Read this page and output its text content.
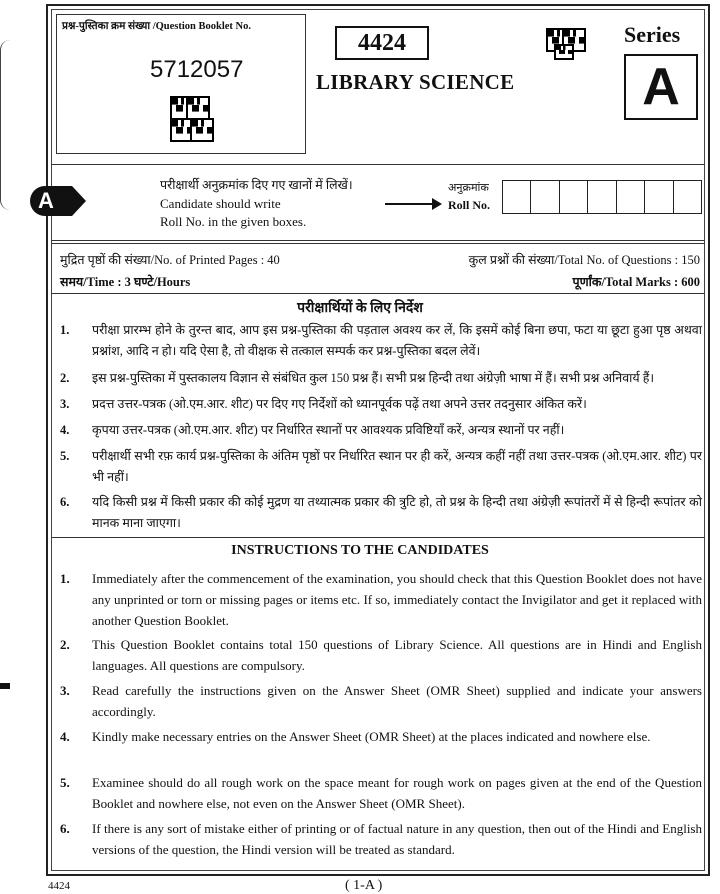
प्रश्न-पुस्तिका क्रम संख्या /Question Booklet No.
5712057
4424
LIBRARY SCIENCE
Series
A
A
परीक्षार्थी अनुक्रमांक दिए गए खानों में लिखें।
Candidate should write
Roll No. in the given boxes.
अनुक्रमांक
Roll No.
मुद्रित पृष्ठों की संख्या/No. of Printed Pages : 40	कुल प्रश्नों की संख्या/Total No. of Questions : 150
समय/Time : 3 घण्टे/Hours	पूर्णांक/Total Marks : 600
परीक्षार्थियों के लिए निर्देश
1.	परीक्षा प्रारम्भ होने के तुरन्त बाद, आप इस प्रश्न-पुस्तिका की पड़ताल अवश्य कर लें, कि इसमें कोई बिना छपा, फटा या छूटा हुआ पृष्ठ अथवा प्रश्नांश, आदि न हो। यदि ऐसा है, तो वीक्षक से तत्काल सम्पर्क कर प्रश्न-पुस्तिका बदल लेवें।
2.	इस प्रश्न-पुस्तिका में पुस्तकालय विज्ञान से संबंधित कुल 150 प्रश्न हैं। सभी प्रश्न हिन्दी तथा अंग्रेज़ी भाषा में हैं। सभी प्रश्न अनिवार्य हैं।
3.	प्रदत्त उत्तर-पत्रक (ओ.एम.आर. शीट) पर दिए गए निर्देशों को ध्यानपूर्वक पढ़ें तथा अपने उत्तर तदनुसार अंकित करें।
4.	कृपया उत्तर-पत्रक (ओ.एम.आर. शीट) पर निर्धारित स्थानों पर आवश्यक प्रविष्टियाँ करें, अन्यत्र स्थानों पर नहीं।
5.	परीक्षार्थी सभी रफ़ कार्य प्रश्न-पुस्तिका के अंतिम पृष्ठों पर निर्धारित स्थान पर ही करें, अन्यत्र कहीं नहीं तथा उत्तर-पत्रक (ओ.एम.आर. शीट) पर भी नहीं।
6.	यदि किसी प्रश्न में किसी प्रकार की कोई मुद्रण या तथ्यात्मक प्रकार की त्रुटि हो, तो प्रश्न के हिन्दी तथा अंग्रेज़ी रूपांतरों में से हिन्दी रूपांतर को मानक माना जाएगा।
INSTRUCTIONS TO THE CANDIDATES
1.	Immediately after the commencement of the examination, you should check that this Question Booklet does not have any unprinted or torn or missing pages or items etc. If so, immediately contact the Invigilator and get it replaced with another Question Booklet.
2.	This Question Booklet contains total 150 questions of Library Science. All questions are in Hindi and English languages. All questions are compulsory.
3.	Read carefully the instructions given on the Answer Sheet (OMR Sheet) supplied and indicate your answers accordingly.
4.	Kindly make necessary entries on the Answer Sheet (OMR Sheet) at the places indicated and nowhere else.
5.	Examinee should do all rough work on the space meant for rough work on pages given at the end of the Question Booklet and nowhere else, not even on the Answer Sheet (OMR Sheet).
6.	If there is any sort of mistake either of printing or of factual nature in any question, then out of the Hindi and English versions of the question, the Hindi version will be treated as standard.
4424	( 1-A )
